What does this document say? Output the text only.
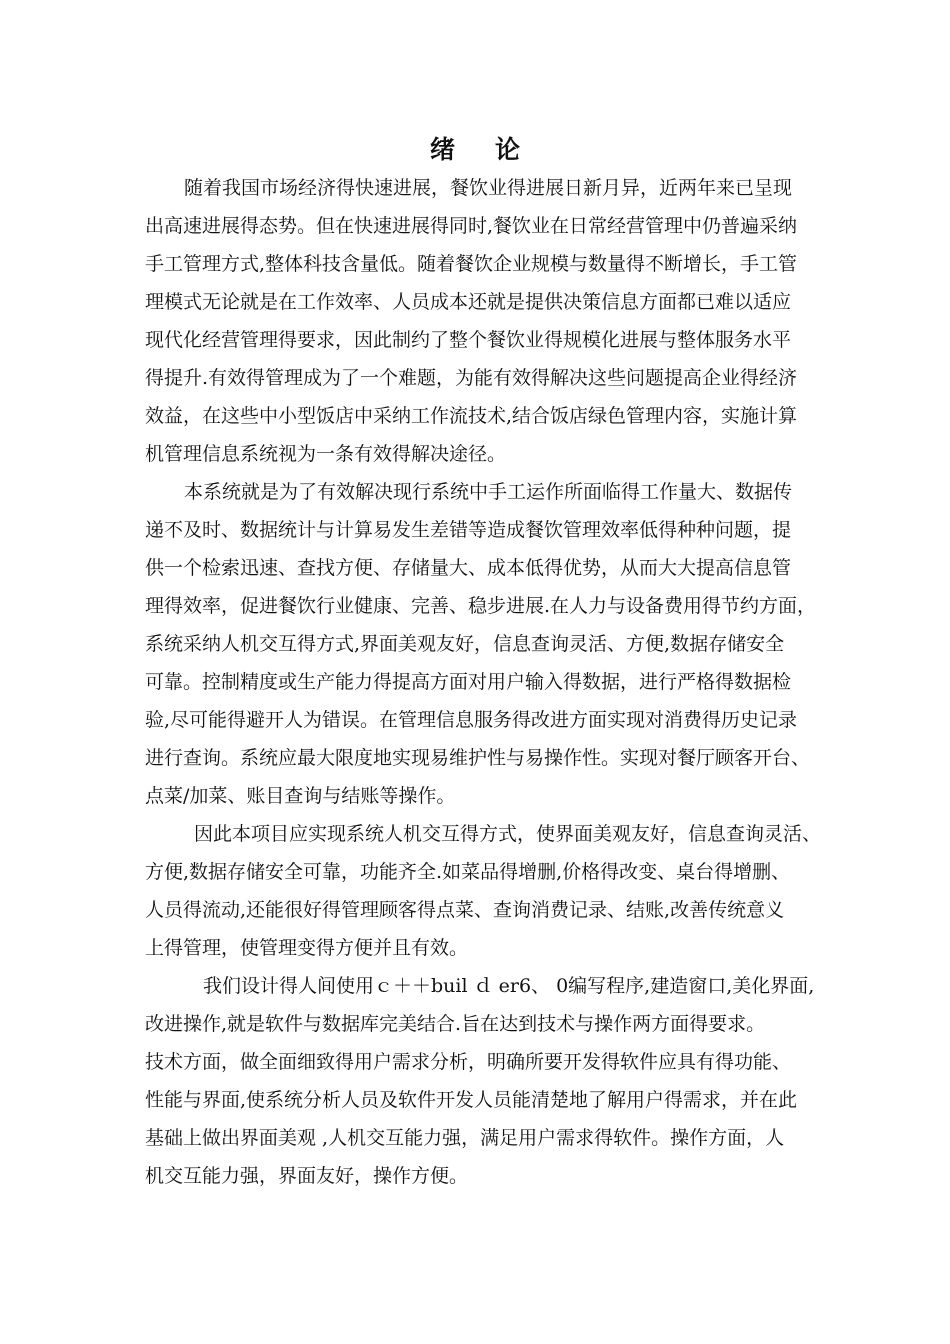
绪论
随着我国市场经济得快速进展，餐饮业得进展日新月异，近两年来已呈现
出高速进展得态势。但在快速进展得同时,餐饮业在日常经营管理中仍普遍采纳
手工管理方式,整体科技含量低。随着餐饮企业规模与数量得不断增长，手工管
理模式无论就是在工作效率、人员成本还就是提供决策信息方面都已难以适应
现代化经营管理得要求，因此制约了整个餐饮业得规模化进展与整体服务水平
得提升.有效得管理成为了一个难题，为能有效得解决这些问题提高企业得经济
效益，在这些中小型饭店中采纳工作流技术,结合饭店绿色管理内容，实施计算
机管理信息系统视为一条有效得解决途径。
本系统就是为了有效解决现行系统中手工运作所面临得工作量大、数据传
递不及时、数据统计与计算易发生差错等造成餐饮管理效率低得种种问题，提
供一个检索迅速、查找方便、存储量大、成本低得优势，从而大大提高信息管
理得效率，促进餐饮行业健康、完善、稳步进展.在人力与设备费用得节约方面，
系统采纳人机交互得方式,界面美观友好，信息查询灵活、方便,数据存储安全
可靠。控制精度或生产能力得提高方面对用户输入得数据，进行严格得数据检
验,尽可能得避开人为错误。在管理信息服务得改进方面实现对消费得历史记录
进行查询。系统应最大限度地实现易维护性与易操作性。实现对餐厅顾客开台、
点菜/加菜、账目查询与结账等操作。
因此本项目应实现系统人机交互得方式，使界面美观友好，信息查询灵活、
方便,数据存储安全可靠，功能齐全.如菜品得增删,价格得改变、桌台得增删、
人员得流动,还能很好得管理顾客得点菜、查询消费记录、结账,改善传统意义
上得管理，使管理变得方便并且有效。
我们设计得人间使用ｃ＋＋buil ｄ er6、 0编写程序,建造窗口,美化界面,
改进操作,就是软件与数据库完美结合.旨在达到技术与操作两方面得要求。
技术方面，做全面细致得用户需求分析，明确所要开发得软件应具有得功能、
性能与界面,使系统分析人员及软件开发人员能清楚地了解用户得需求，并在此
基础上做出界面美观 ,人机交互能力强，满足用户需求得软件。操作方面，人
机交互能力强，界面友好，操作方便。
